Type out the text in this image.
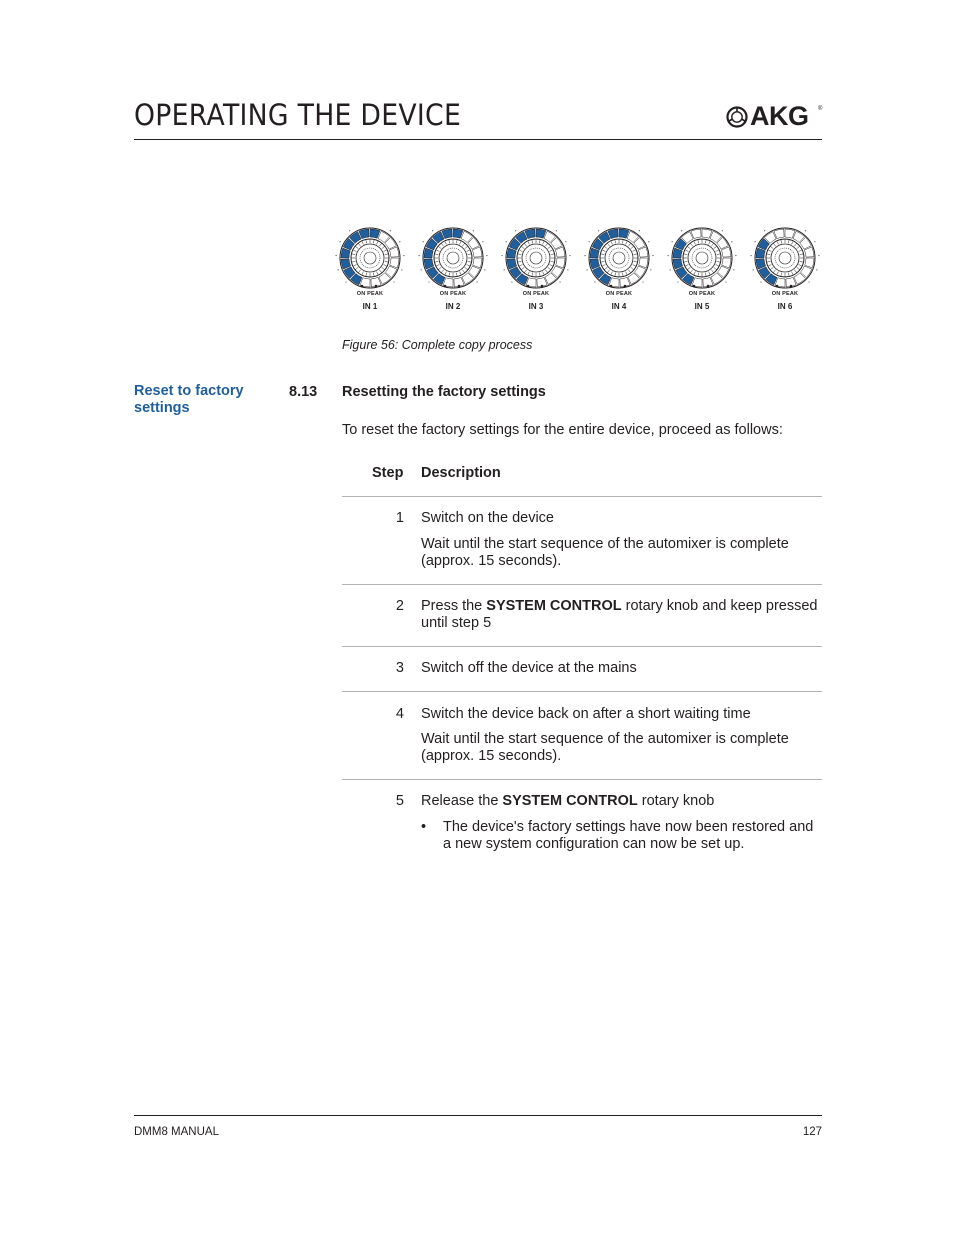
OPERATING THE DEVICE	AKG ®
ON PEAK
IN 1
ON PEAK
IN 2
ON PEAK
IN 3
ON PEAK
IN 4
ON PEAK
IN 5
ON PEAK
IN 6
Figure 56: Complete copy process
Reset to factory settings
8.13 Resetting the factory settings
To reset the factory settings for the entire device, proceed as follows:
Step Description
1 Switch on the device
Wait until the start sequence of the automixer is complete (approx. 15 seconds).
2 Press the SYSTEM CONTROL rotary knob and keep pressed until step 5
3 Switch off the device at the mains
4 Switch the device back on after a short waiting time
Wait until the start sequence of the automixer is complete (approx. 15 seconds).
5 Release the SYSTEM CONTROL rotary knob
• The device's factory settings have now been restored and a new system configuration can now be set up.
DMM8 MANUAL	127
